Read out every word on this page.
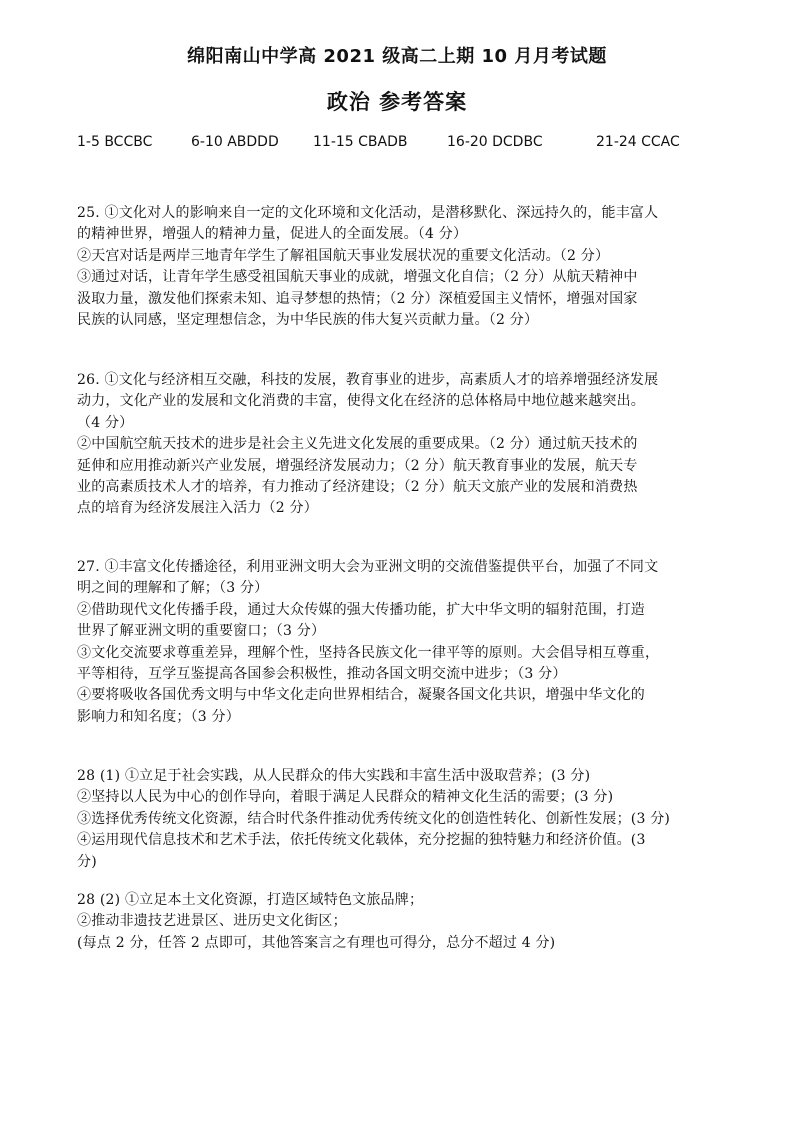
绵阳南山中学高 2021 级高二上期 10 月月考试题
政治 参考答案
1-5 BCCBC	6-10 ABDDD 11-15 CBADB	16-20 DCDBC	21-24 CCAC
25. ①文化对人的影响来自一定的文化环境和文化活动，是潜移默化、深远持久的，能丰富人
的精神世界，增强人的精神力量，促进人的全面发展。（4 分）
②天宫对话是两岸三地青年学生了解祖国航天事业发展状况的重要文化活动。（2 分）
③通过对话，让青年学生感受祖国航天事业的成就，增强文化自信；（2 分）从航天精神中
汲取力量，激发他们探索未知、追寻梦想的热情；（2 分）深植爱国主义情怀，增强对国家
民族的认同感，坚定理想信念，为中华民族的伟大复兴贡献力量。（2 分）
26. ①文化与经济相互交融，科技的发展，教育事业的进步，高素质人才的培养增强经济发展
动力，文化产业的发展和文化消费的丰富，使得文化在经济的总体格局中地位越来越突出。
（4 分）
②中国航空航天技术的进步是社会主义先进文化发展的重要成果。（2 分）通过航天技术的
延伸和应用推动新兴产业发展，增强经济发展动力；（2 分）航天教育事业的发展，航天专
业的高素质技术人才的培养，有力推动了经济建设；（2 分）航天文旅产业的发展和消费热
点的培育为经济发展注入活力（2 分）
27. ①丰富文化传播途径，利用亚洲文明大会为亚洲文明的交流借鉴提供平台，加强了不同文
明之间的理解和了解；（3 分）
②借助现代文化传播手段，通过大众传媒的强大传播功能，扩大中华文明的辐射范围，打造
世界了解亚洲文明的重要窗口；（3 分）
③文化交流要求尊重差异，理解个性，坚持各民族文化一律平等的原则。大会倡导相互尊重，
平等相待，互学互鉴提高各国参会积极性，推动各国文明交流中进步；（3 分）
④要将吸收各国优秀文明与中华文化走向世界相结合，凝聚各国文化共识，增强中华文化的
影响力和知名度；（3 分）
28 (1) ①立足于社会实践，从人民群众的伟大实践和丰富生活中汲取营养；(3 分)
②坚持以人民为中心的创作导向，着眼于满足人民群众的精神文化生活的需要；(3 分)
③选择优秀传统文化资源，结合时代条件推动优秀传统文化的创造性转化、创新性发展；(3 分)
④运用现代信息技术和艺术手法，依托传统文化载体，充分挖掘的独特魅力和经济价值。(3
分)
28 (2) ①立足本土文化资源，打造区域特色文旅品牌；
②推动非遗技艺进景区、进历史文化街区；
(每点 2 分，任答 2 点即可，其他答案言之有理也可得分，总分不超过 4 分)
